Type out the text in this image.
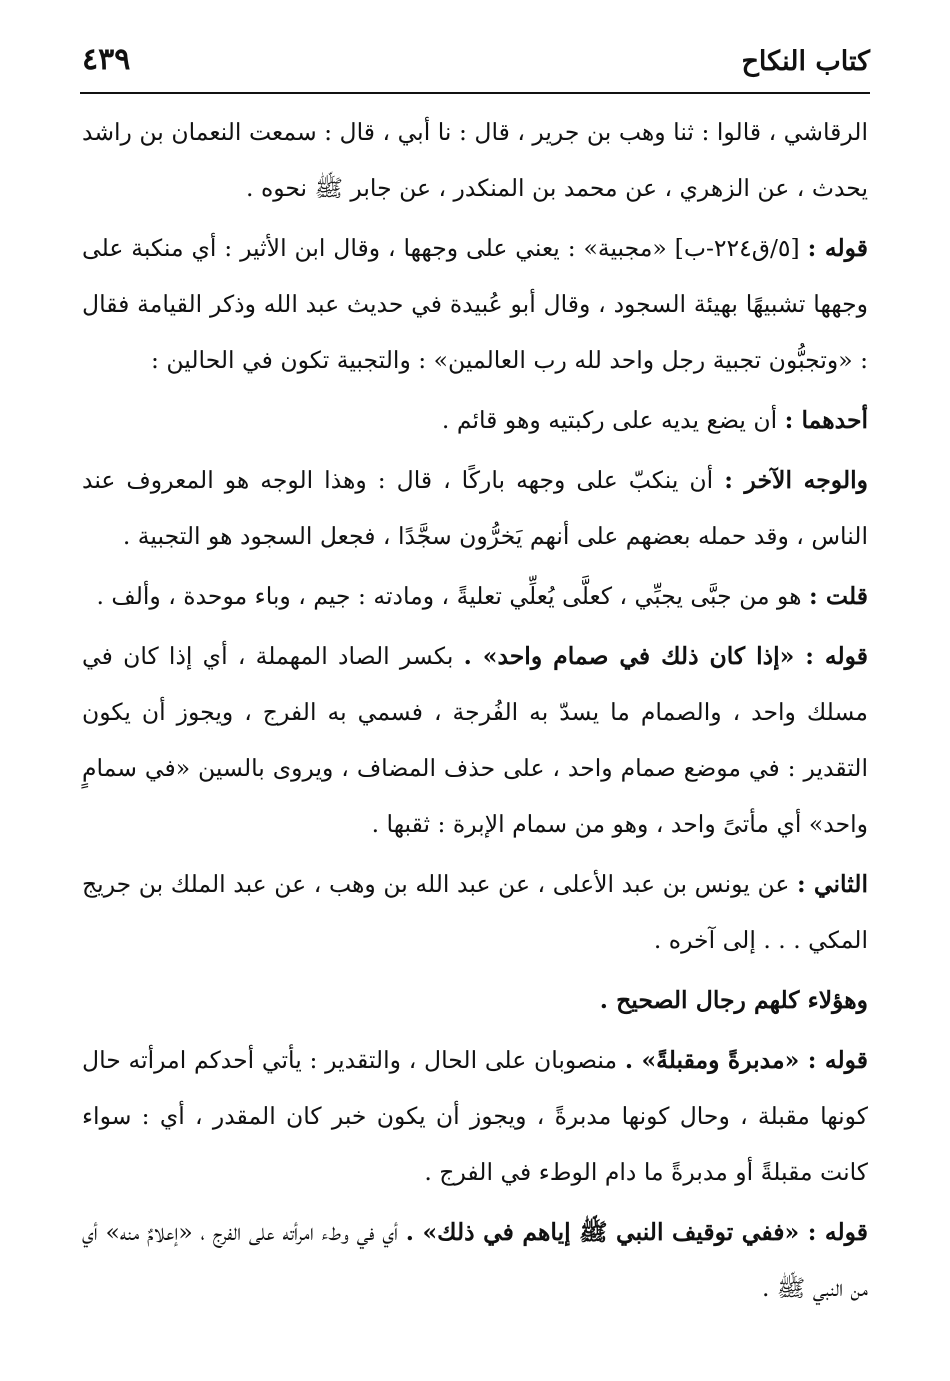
كتاب النكاح
٤٣٩

الرقاشي ، قالوا : ثنا وهب بن جرير ، قال : نا أبي ، قال : سمعت النعمان بن راشد يحدث ، عن الزهري ، عن محمد بن المنكدر ، عن جابر ﷺ نحوه .

قوله : [٥/ق٢٢٤-ب] «مجبية» : يعني على وجهها ، وقال ابن الأثير : أي منكبة على وجهها تشبيهًا بهيئة السجود ، وقال أبو عُبيدة في حديث عبد الله وذكر القيامة فقال : «وتجبُّون تجبية رجل واحد لله رب العالمين» : والتجبية تكون في الحالين :

أحدهما : أن يضع يديه على ركبتيه وهو قائم .

والوجه الآخر : أن ينكبّ على وجهه باركًا ، قال : وهذا الوجه هو المعروف عند الناس ، وقد حمله بعضهم على أنهم يَخرُّون سجَّدًا ، فجعل السجود هو التجبية .

قلت : هو من جبَّى يجبِّي ، كعلَّى يُعلِّي تعليةً ، ومادته : جيم ، وباء موحدة ، وألف .

قوله : «إذا كان ذلك في صمام واحد» . بكسر الصاد المهملة ، أي إذا كان في مسلك واحد ، والصمام ما يسدّ به الفُرجة ، فسمي به الفرج ، ويجوز أن يكون التقدير : في موضع صمام واحد ، على حذف المضاف ، ويروى بالسين «في سمامٍ واحد» أي مأتىً واحد ، وهو من سمام الإبرة : ثقبها .

الثاني : عن يونس بن عبد الأعلى ، عن عبد الله بن وهب ، عن عبد الملك بن جريج المكي . . . إلى آخره .

وهؤلاء كلهم رجال الصحيح .

قوله : «مدبرةً ومقبلةً» . منصوبان على الحال ، والتقدير : يأتي أحدكم امرأته حال كونها مقبلة ، وحال كونها مدبرةً ، ويجوز أن يكون خبر كان المقدر ، أي : سواء كانت مقبلةً أو مدبرةً ما دام الوطء في الفرج .

قوله : «ففي توقيف النبي ﷺ إياهم في ذلك» . أي في وطء امرأته على الفرج ، «إعلامٌ منه» أي من النبي ﷺ .
